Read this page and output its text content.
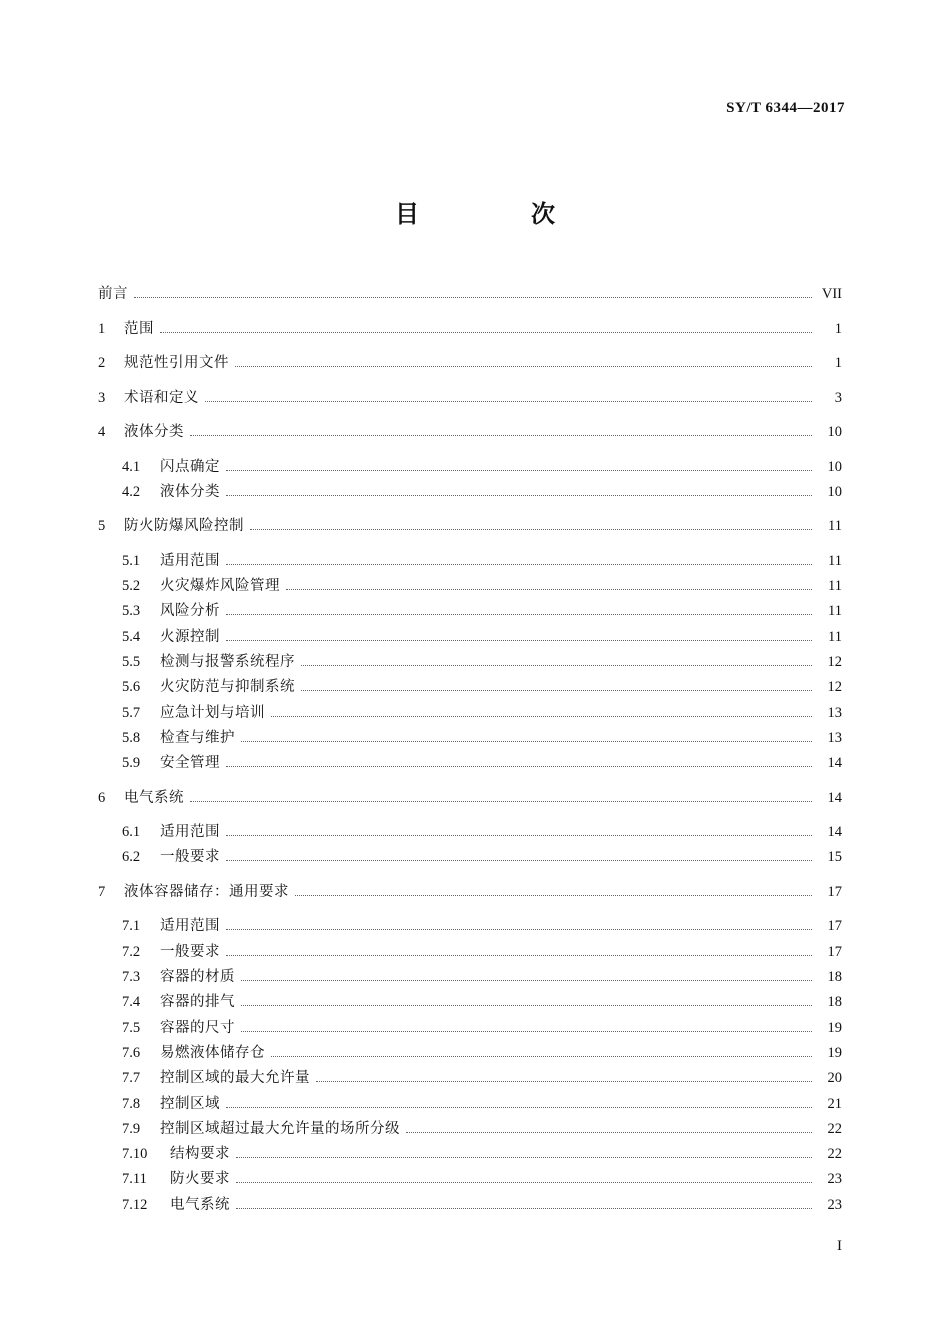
SY/T 6344—2017
目　次
前言	VII
1	范围	1
2	规范性引用文件	1
3	术语和定义	3
4	液体分类	10
4.1	闪点确定	10
4.2	液体分类	10
5	防火防爆风险控制	11
5.1	适用范围	11
5.2	火灾爆炸风险管理	11
5.3	风险分析	11
5.4	火源控制	11
5.5	检测与报警系统程序	12
5.6	火灾防范与抑制系统	12
5.7	应急计划与培训	13
5.8	检查与维护	13
5.9	安全管理	14
6	电气系统	14
6.1	适用范围	14
6.2	一般要求	15
7	液体容器储存：通用要求	17
7.1	适用范围	17
7.2	一般要求	17
7.3	容器的材质	18
7.4	容器的排气	18
7.5	容器的尺寸	19
7.6	易燃液体储存仓	19
7.7	控制区域的最大允许量	20
7.8	控制区域	21
7.9	控制区域超过最大允许量的场所分级	22
7.10	结构要求	22
7.11	防火要求	23
7.12	电气系统	23
I
